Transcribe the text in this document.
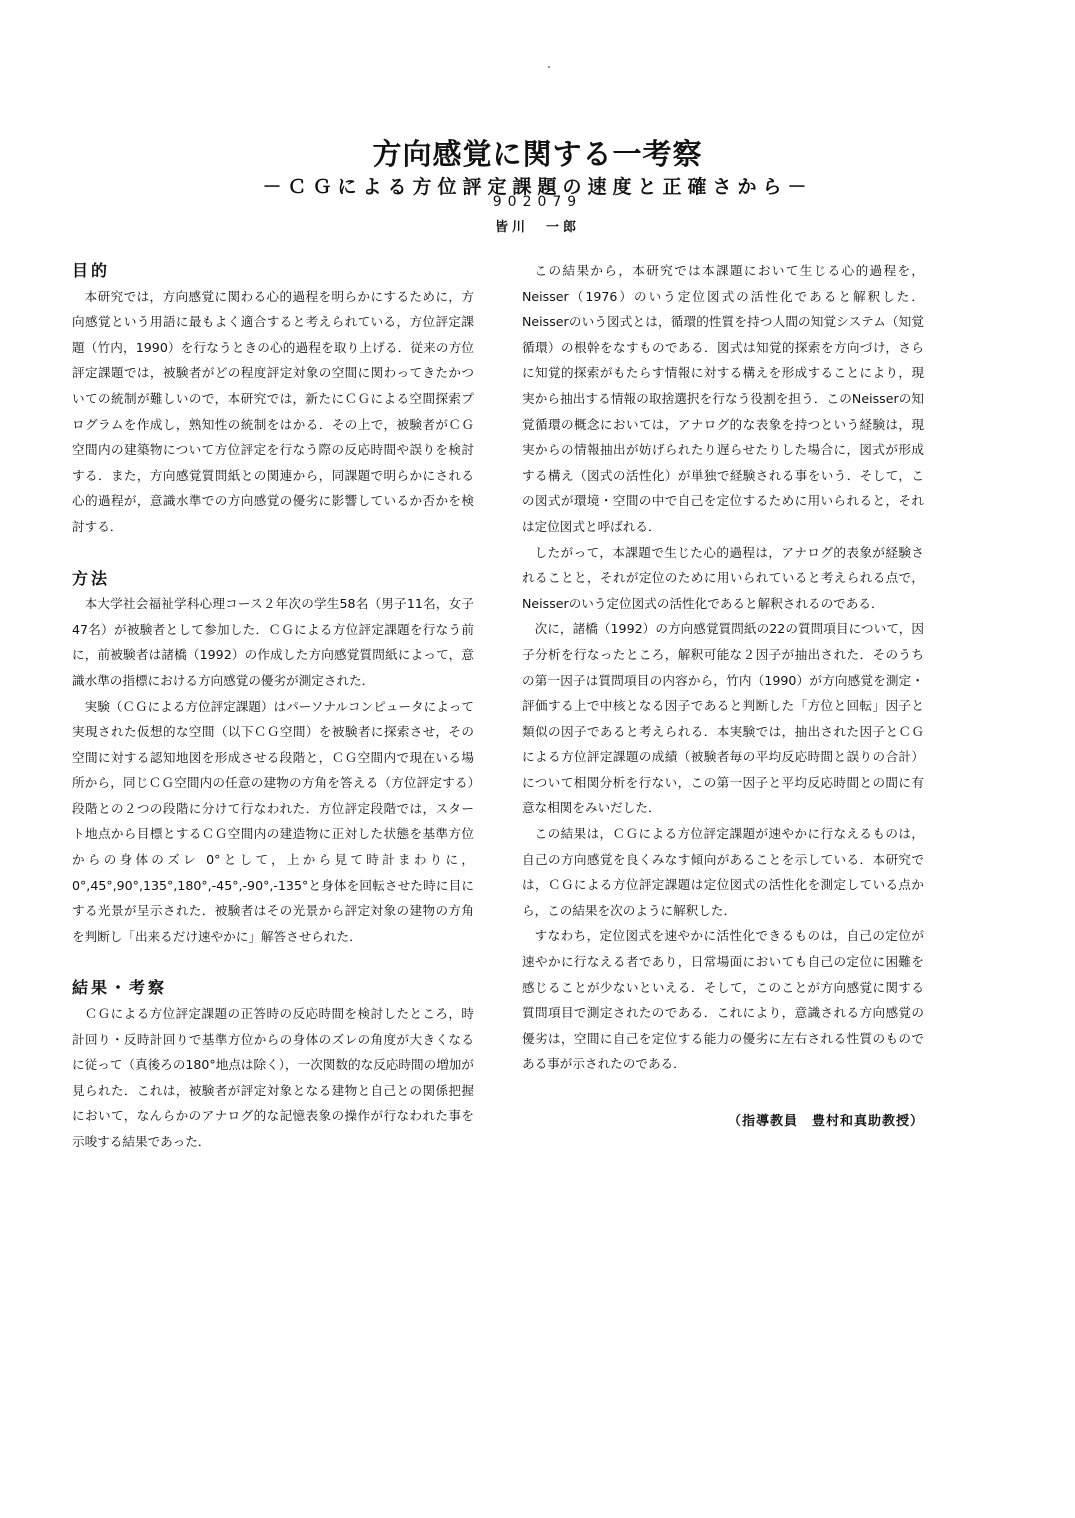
方向感覚に関する一考察
－ＣＧによる方位評定課題の速度と正確さから－
902079
皆川　一郎
目的

本研究では，方向感覚に関わる心的過程を明らかにするために，方向感覚という用語に最もよく適合すると考えられている，方位評定課題（竹内，1990）を行なうときの心的過程を取り上げる．従来の方位評定課題では，被験者がどの程度評定対象の空間に関わってきたかついての統制が難しいので，本研究では，新たにＣＧによる空間探索プログラムを作成し，熟知性の統制をはかる．その上で，被験者がＣＧ空間内の建築物について方位評定を行なう際の反応時間や誤りを検討する．また，方向感覚質問紙との関連から，同課題で明らかにされる心的過程が，意識水準での方向感覚の優劣に影響しているか否かを検討する．

方法

本大学社会福祉学科心理コース２年次の学生58名（男子11名，女子47名）が被験者として参加した．ＣＧによる方位評定課題を行なう前に，前被験者は諸橋（1992）の作成した方向感覚質問紙によって，意識水準の指標における方向感覚の優劣が測定された．

実験（ＣＧによる方位評定課題）はパーソナルコンピュータによって実現された仮想的な空間（以下ＣＧ空間）を被験者に探索させ，その空間に対する認知地図を形成させる段階と，ＣＧ空間内で現在いる場所から，同じＣＧ空間内の任意の建物の方角を答える（方位評定する）段階との２つの段階に分けて行なわれた．方位評定段階では，スタート地点から目標とするＣＧ空間内の建造物に正対した状態を基準方位からの身体のズレ 0°として，上から見て時計まわりに，0°,45°,90°,135°,180°,-45°,-90°,-135°と身体を回転させた時に目にする光景が呈示された．被験者はその光景から評定対象の建物の方角を判断し「出来るだけ速やかに」解答させられた．

結果・考察

ＣＧによる方位評定課題の正答時の反応時間を検討したところ，時計回り・反時計回りで基準方位からの身体のズレの角度が大きくなるに従って（真後ろの180°地点は除く），一次関数的な反応時間の増加が見られた．これは，被験者が評定対象となる建物と自己との関係把握において，なんらかのアナログ的な記憶表象の操作が行なわれた事を示唆する結果であった．

この結果から，本研究では本課題において生じる心的過程を，Neisser（1976）のいう定位図式の活性化であると解釈した．Neisserのいう図式とは，循環的性質を持つ人間の知覚システム（知覚循環）の根幹をなすものである．図式は知覚的探索を方向づけ，さらに知覚的探索がもたらす情報に対する構えを形成することにより，現実から抽出する情報の取捨選択を行なう役割を担う．このNeisserの知覚循環の概念においては，アナログ的な表象を持つという経験は，現実からの情報抽出が妨げられたり遅らせたりした場合に，図式が形成する構え（図式の活性化）が単独で経験される事をいう．そして，この図式が環境・空間の中で自己を定位するために用いられると，それは定位図式と呼ばれる．

したがって，本課題で生じた心的過程は，アナログ的表象が経験されることと，それが定位のために用いられていると考えられる点で，Neisserのいう定位図式の活性化であると解釈されるのである．

次に，諸橋（1992）の方向感覚質問紙の22の質問項目について，因子分析を行なったところ，解釈可能な２因子が抽出された．そのうちの第一因子は質問項目の内容から，竹内（1990）が方向感覚を測定・評価する上で中核となる因子であると判断した「方位と回転」因子と類似の因子であると考えられる．本実験では，抽出された因子とＣＧによる方位評定課題の成績（被験者毎の平均反応時間と誤りの合計）について相関分析を行ない，この第一因子と平均反応時間との間に有意な相関をみいだした．

この結果は，ＣＧによる方位評定課題が速やかに行なえるものは，自己の方向感覚を良くみなす傾向があることを示している．本研究では，ＣＧによる方位評定課題は定位図式の活性化を測定している点から，この結果を次のように解釈した．

すなわち，定位図式を速やかに活性化できるものは，自己の定位が速やかに行なえる者であり，日常場面においても自己の定位に困難を感じることが少ないといえる．そして，このことが方向感覚に関する質問項目で測定されたのである．これにより，意識される方向感覚の優劣は，空間に自己を定位する能力の優劣に左右される性質のものである事が示されたのである．

（指導教員　豊村和真助教授）
